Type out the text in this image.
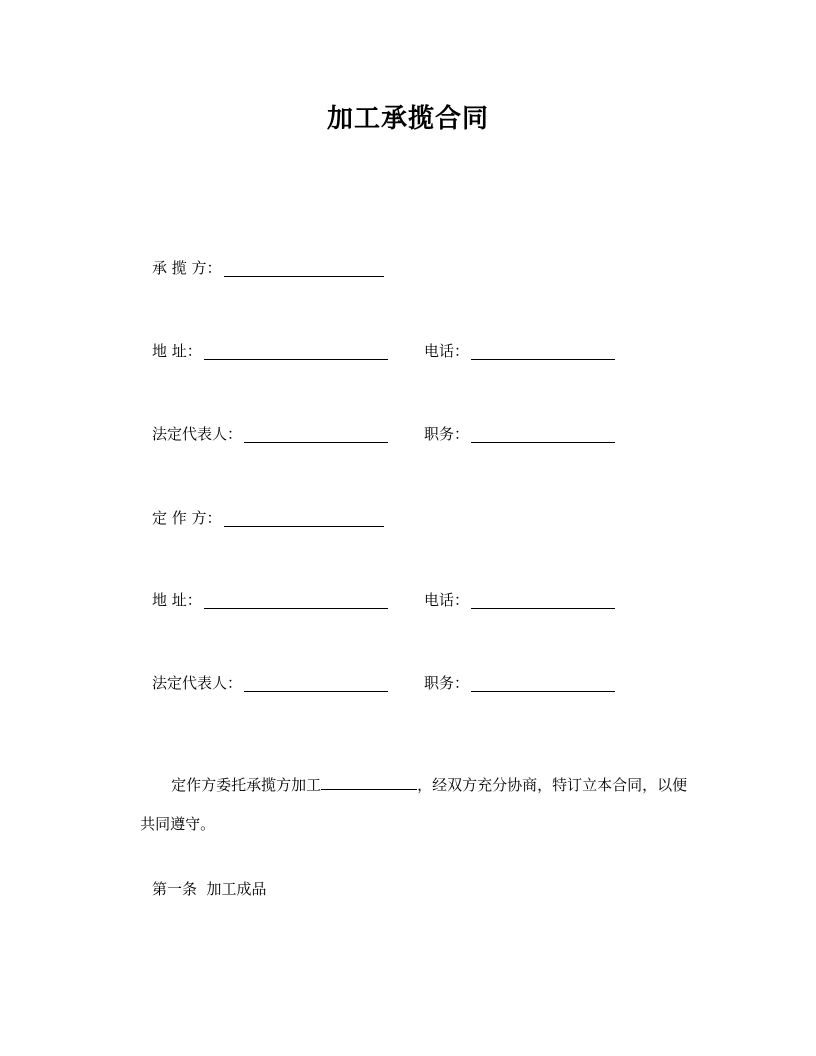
加工承揽合同
承 揽 方：
地 址：	电话：
法定代表人：	职务：
定 作 方：
地 址：	电话：
法定代表人：	职务：

定作方委托承揽方加工	，经双方充分协商，特订立本合同，以便

共同遵守。

第一条  加工成品
